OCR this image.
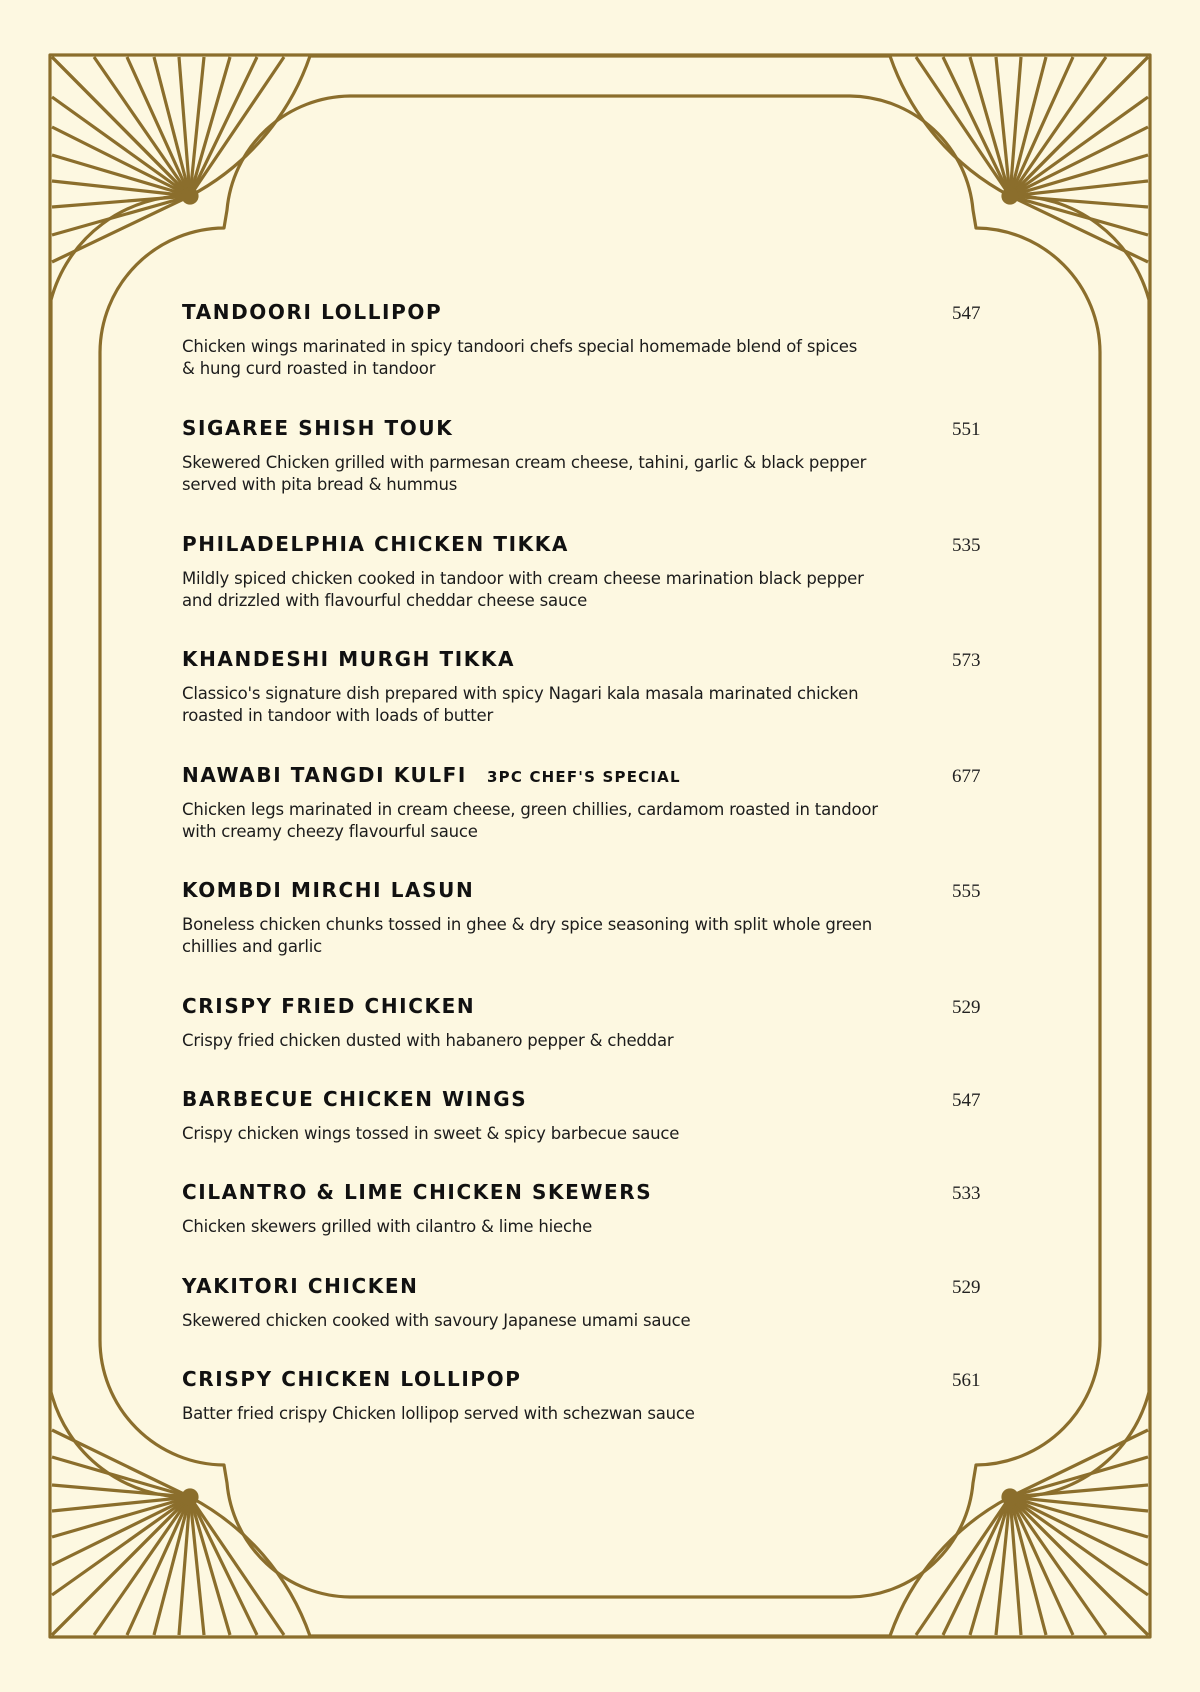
TANDOORI LOLLIPOP	547
Chicken wings marinated in spicy tandoori chefs special homemade blend of spices
& hung curd roasted in tandoor
SIGAREE SHISH TOUK	551
Skewered Chicken grilled with parmesan cream cheese, tahini, garlic & black pepper
served with pita bread & hummus
PHILADELPHIA CHICKEN TIKKA	535
Mildly spiced chicken cooked in tandoor with cream cheese marination black pepper
and drizzled with flavourful cheddar cheese sauce
KHANDESHI MURGH TIKKA	573
Classico's signature dish prepared with spicy Nagari kala masala marinated chicken
roasted in tandoor with loads of butter
NAWABI TANGDI KULFI 3PC CHEF'S SPECIAL	677
Chicken legs marinated in cream cheese, green chillies, cardamom roasted in tandoor
with creamy cheezy flavourful sauce
KOMBDI MIRCHI LASUN	555
Boneless chicken chunks tossed in ghee & dry spice seasoning with split whole green
chillies and garlic
CRISPY FRIED CHICKEN	529
Crispy fried chicken dusted with habanero pepper & cheddar
BARBECUE CHICKEN WINGS	547
Crispy chicken wings tossed in sweet & spicy barbecue sauce
CILANTRO & LIME CHICKEN SKEWERS	533
Chicken skewers grilled with cilantro & lime hieche
YAKITORI CHICKEN	529
Skewered chicken cooked with savoury Japanese umami sauce
CRISPY CHICKEN LOLLIPOP	561
Batter fried crispy Chicken lollipop served with schezwan sauce
